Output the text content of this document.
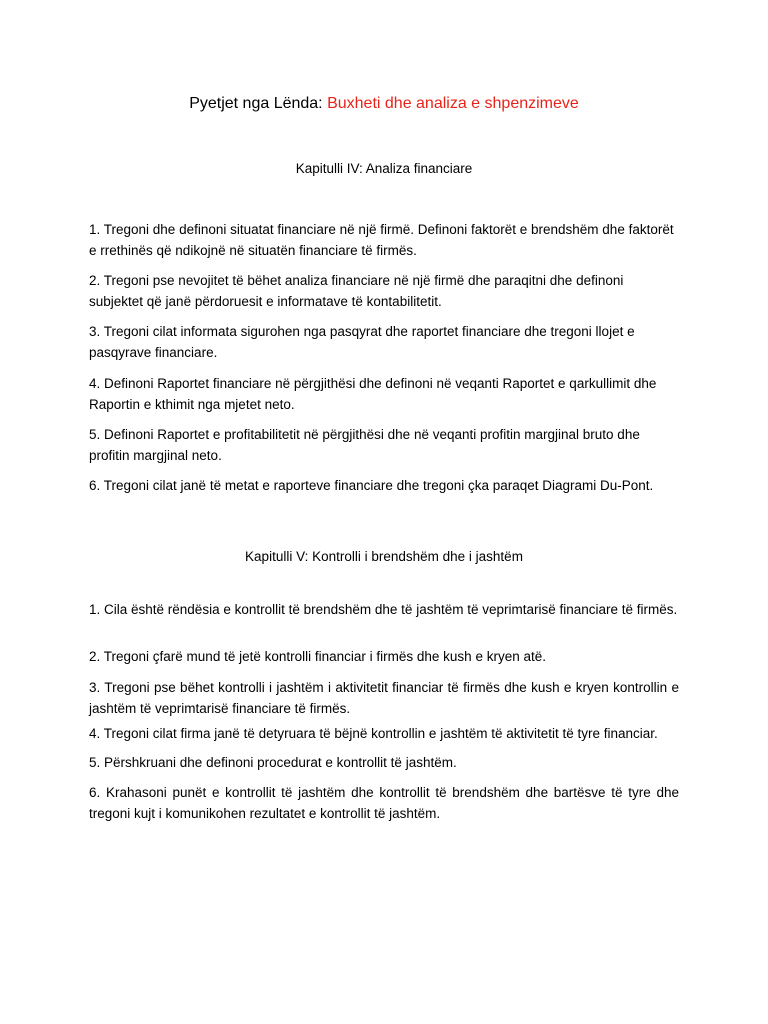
Pyetjet nga Lënda: Buxheti dhe analiza e shpenzimeve
Kapitulli IV: Analiza financiare

1. Tregoni dhe definoni situatat financiare në një firmë. Definoni faktorët e brendshëm dhe faktorët e rrethinës që ndikojnë në situatën financiare të firmës.

2. Tregoni pse nevojitet të bëhet analiza financiare në një firmë dhe paraqitni dhe definoni subjektet që janë përdoruesit e informatave të kontabilitetit.

3. Tregoni cilat informata sigurohen nga pasqyrat dhe raportet financiare dhe tregoni llojet e pasqyrave financiare.

4. Definoni Raportet financiare në përgjithësi dhe definoni në veqanti Raportet e qarkullimit dhe Raportin e kthimit nga mjetet neto.

5. Definoni Raportet e profitabilitetit në përgjithësi dhe në veqanti profitin margjinal bruto dhe profitin margjinal neto.

6. Tregoni cilat janë të metat e raporteve financiare dhe tregoni çka paraqet Diagrami Du-Pont.

Kapitulli V: Kontrolli i brendshëm dhe i jashtëm

1. Cila është rëndësia e kontrollit të brendshëm dhe të jashtëm të veprimtarisë financiare të firmës.

2. Tregoni çfarë mund të jetë kontrolli financiar i firmës dhe kush e kryen atë.

3. Tregoni pse bëhet kontrolli i jashtëm i aktivitetit financiar të firmës dhe kush e kryen kontrollin e jashtëm të veprimtarisë financiare të firmës.

4. Tregoni cilat firma janë të detyruara të bëjnë kontrollin e jashtëm të aktivitetit të tyre financiar.

5. Përshkruani dhe definoni procedurat e kontrollit të jashtëm.

6. Krahasoni punët e kontrollit të jashtëm dhe kontrollit të brendshëm dhe bartësve të tyre dhe tregoni kujt i komunikohen rezultatet e kontrollit të jashtëm.
